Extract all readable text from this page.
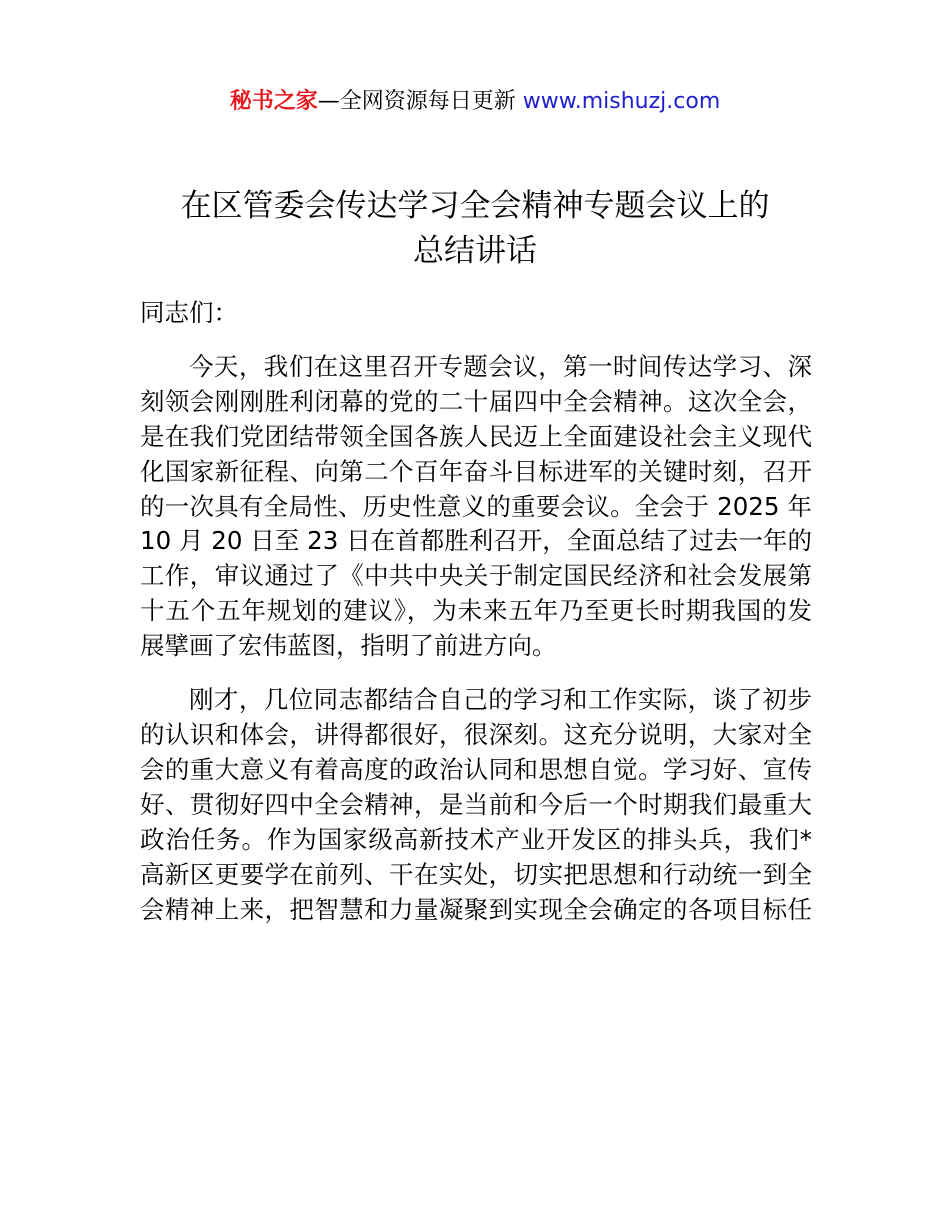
秘书之家—全网资源每日更新 www.mishuzj.com
在区管委会传达学习全会精神专题会议上的
总结讲话
同志们：
今天，我们在这里召开专题会议，第一时间传达学习、深
刻领会刚刚胜利闭幕的党的二十届四中全会精神。这次全会，
是在我们党团结带领全国各族人民迈上全面建设社会主义现代
化国家新征程、向第二个百年奋斗目标进军的关键时刻，召开
的一次具有全局性、历史性意义的重要会议。全会于 2025 年
10 月 20 日至 23 日在首都胜利召开，全面总结了过去一年的
工作，审议通过了《中共中央关于制定国民经济和社会发展第
十五个五年规划的建议》，为未来五年乃至更长时期我国的发
展擘画了宏伟蓝图，指明了前进方向。
刚才，几位同志都结合自己的学习和工作实际，谈了初步
的认识和体会，讲得都很好，很深刻。这充分说明，大家对全
会的重大意义有着高度的政治认同和思想自觉。学习好、宣传
好、贯彻好四中全会精神，是当前和今后一个时期我们最重大
政治任务。作为国家级高新技术产业开发区的排头兵，我们*
高新区更要学在前列、干在实处，切实把思想和行动统一到全
会精神上来，把智慧和力量凝聚到实现全会确定的各项目标任
